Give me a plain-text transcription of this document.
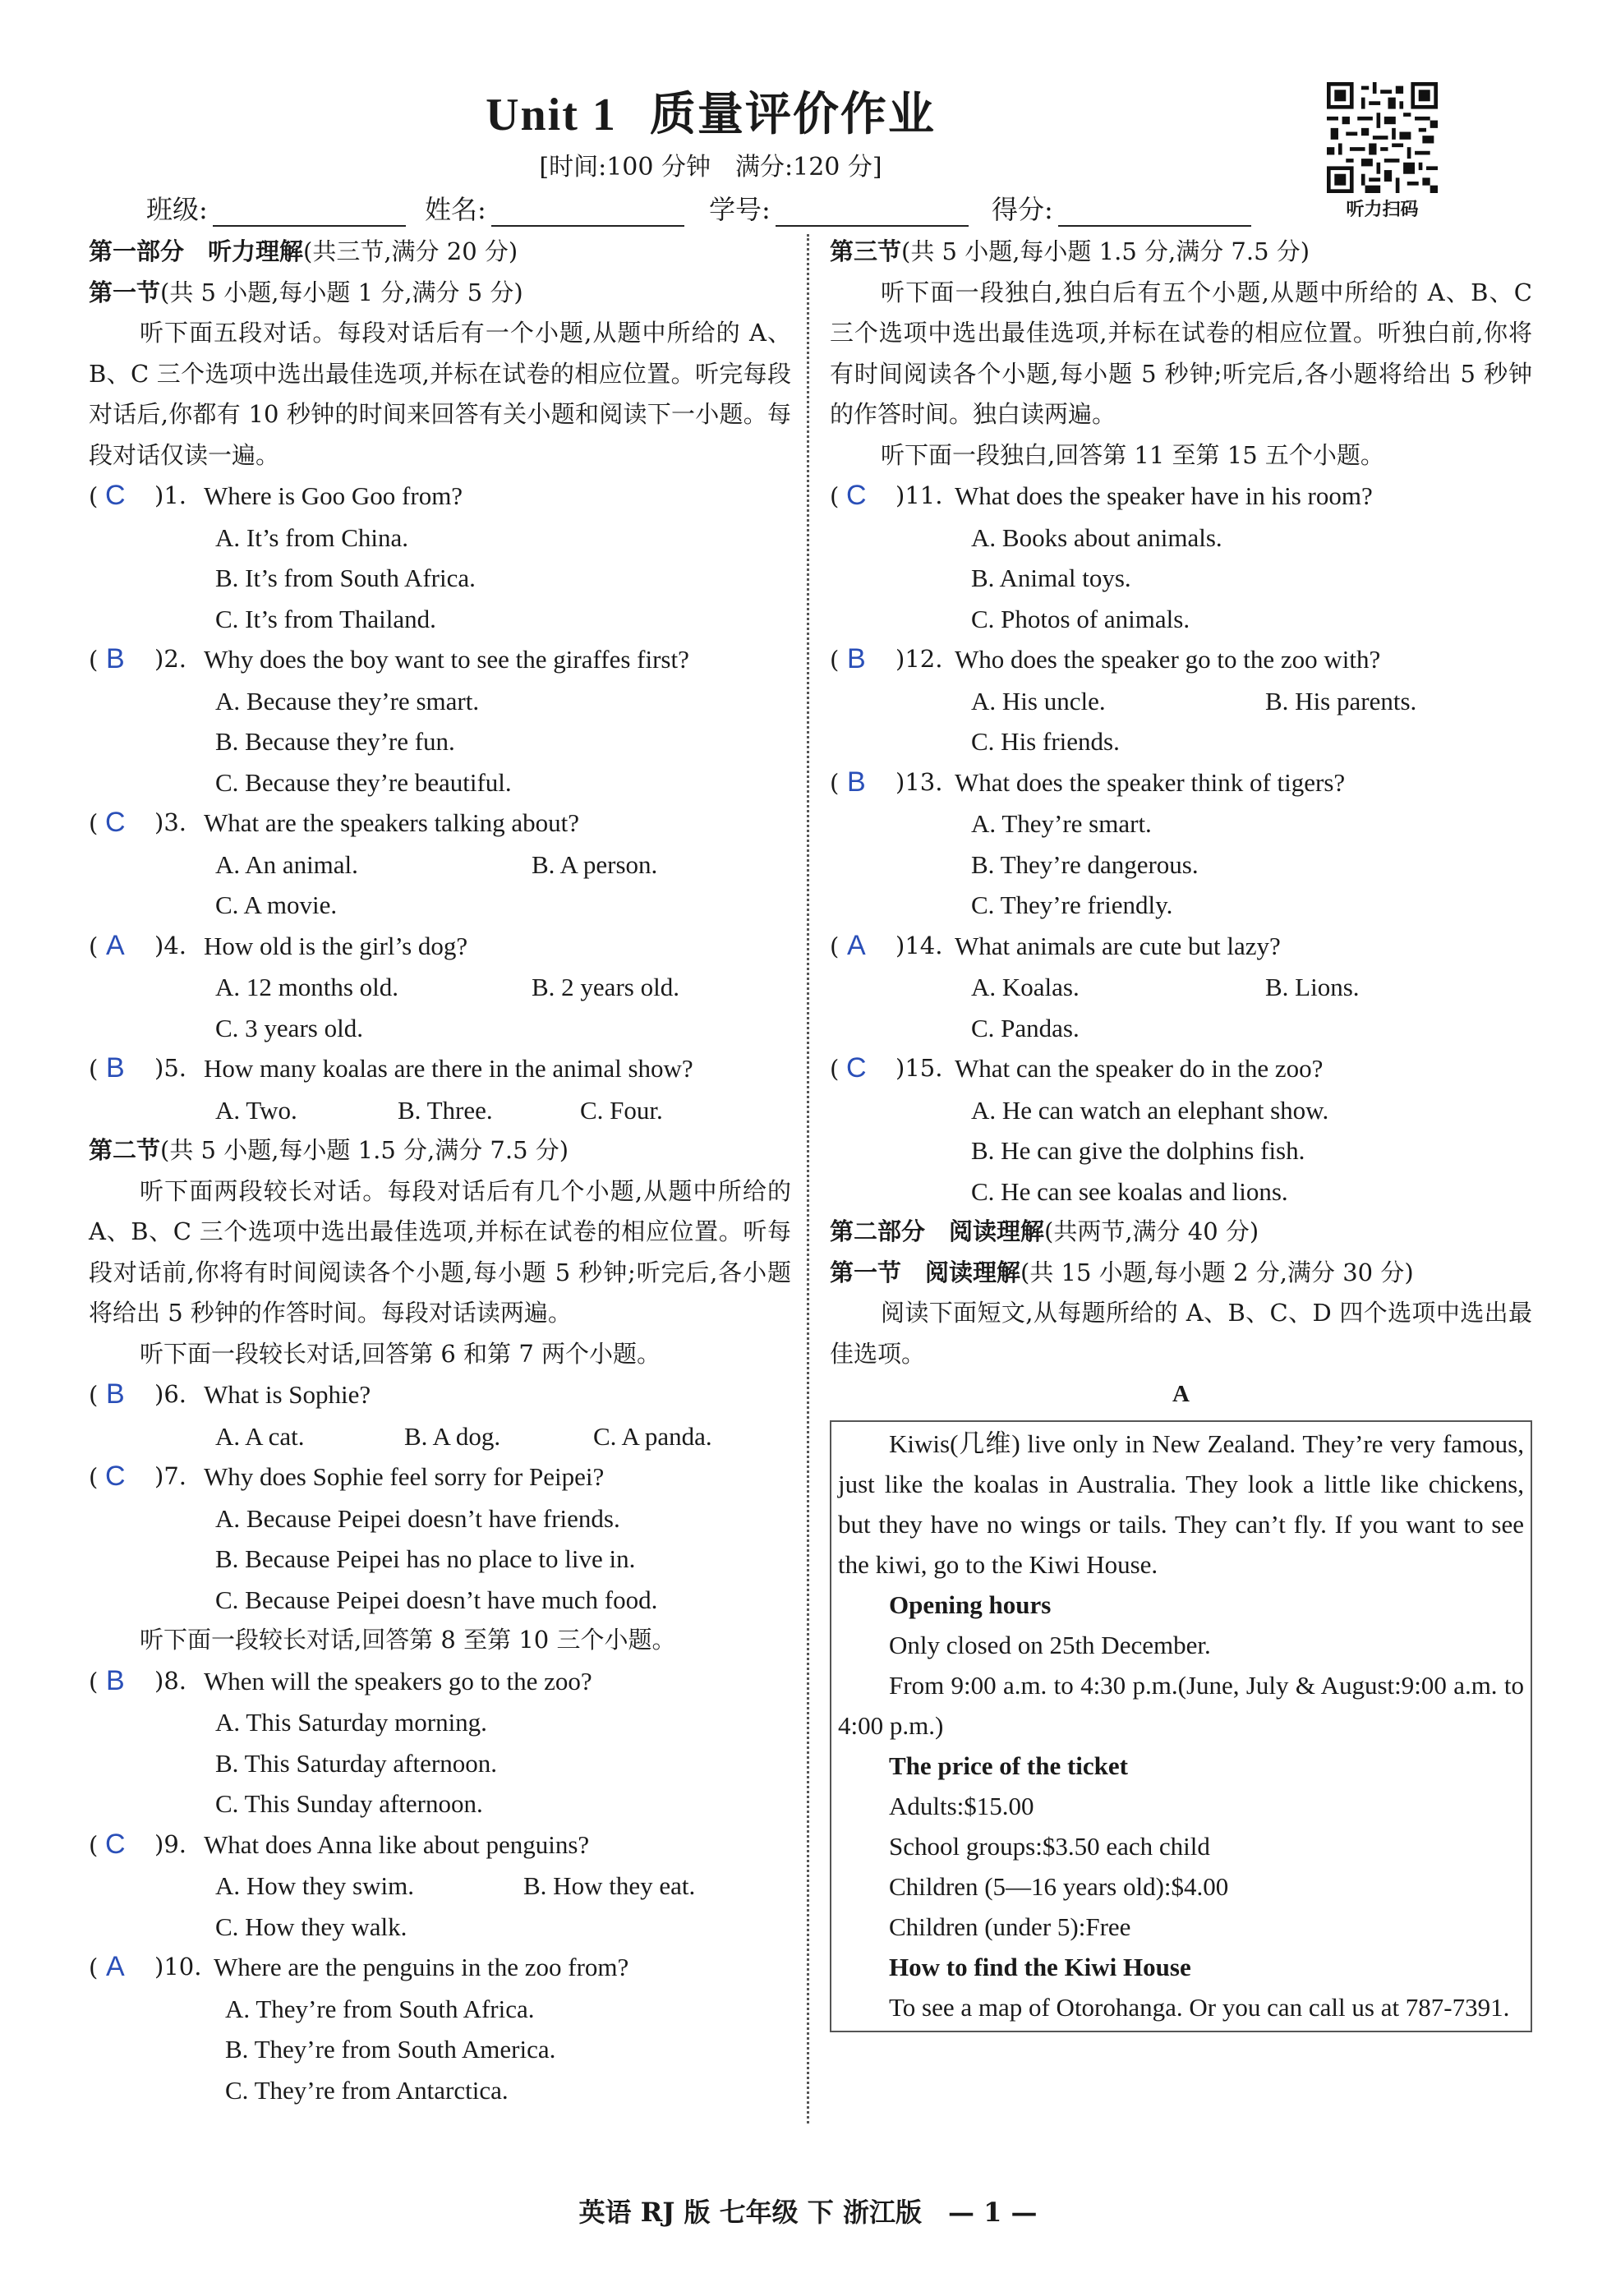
Unit 1 质量评价作业
[时间:100 分钟　满分:120 分]
听力扫码
班级:	姓名:	学号:	得分:
第一部分　听力理解(共三节,满分 20 分)
第一节(共 5 小题,每小题 1 分,满分 5 分)
听下面五段对话。每段对话后有一个小题,从题中所给的 A、B、C 三个选项中选出最佳选项,并标在试卷的相应位置。听完每段对话后,你都有 10 秒钟的时间来回答有关小题和阅读下一小题。每段对话仅读一遍。
( C	)1. Where is Goo Goo from?
A. It’s from China.
B. It’s from South Africa.
C. It’s from Thailand.
( B	)2. Why does the boy want to see the giraffes first?
A. Because they’re smart.
B. Because they’re fun.
C. Because they’re beautiful.
( C	)3. What are the speakers talking about?
A. An animal.	B. A person.
C. A movie.
( A	)4. How old is the girl’s dog?
A. 12 months old.	B. 2 years old.
C. 3 years old.
( B	)5. How many koalas are there in the animal show?
A. Two.	B. Three.	C. Four.
第二节(共 5 小题,每小题 1.5 分,满分 7.5 分)
听下面两段较长对话。每段对话后有几个小题,从题中所给的 A、B、C 三个选项中选出最佳选项,并标在试卷的相应位置。听每段对话前,你将有时间阅读各个小题,每小题 5 秒钟;听完后,各小题将给出 5 秒钟的作答时间。每段对话读两遍。
听下面一段较长对话,回答第 6 和第 7 两个小题。
( B	)6. What is Sophie?
A. A cat.	B. A dog.	C. A panda.
( C	)7. Why does Sophie feel sorry for Peipei?
A. Because Peipei doesn’t have friends.
B. Because Peipei has no place to live in.
C. Because Peipei doesn’t have much food.
听下面一段较长对话,回答第 8 至第 10 三个小题。
( B	)8. When will the speakers go to the zoo?
A. This Saturday morning.
B. This Saturday afternoon.
C. This Sunday afternoon.
( C	)9. What does Anna like about penguins?
A. How they swim.	B. How they eat.
C. How they walk.
( A	)10. Where are the penguins in the zoo from?
A. They’re from South Africa.
B. They’re from South America.
C. They’re from Antarctica.
第三节(共 5 小题,每小题 1.5 分,满分 7.5 分)
听下面一段独白,独白后有五个小题,从题中所给的 A、B、C 三个选项中选出最佳选项,并标在试卷的相应位置。听独白前,你将有时间阅读各个小题,每小题 5 秒钟;听完后,各小题将给出 5 秒钟的作答时间。独白读两遍。
听下面一段独白,回答第 11 至第 15 五个小题。
( C	)11. What does the speaker have in his room?
A. Books about animals.
B. Animal toys.
C. Photos of animals.
( B	)12. Who does the speaker go to the zoo with?
A. His uncle.	B. His parents.
C. His friends.
( B	)13. What does the speaker think of tigers?
A. They’re smart.
B. They’re dangerous.
C. They’re friendly.
( A	)14. What animals are cute but lazy?
A. Koalas.	B. Lions.
C. Pandas.
( C	)15. What can the speaker do in the zoo?
A. He can watch an elephant show.
B. He can give the dolphins fish.
C. He can see koalas and lions.
第二部分　阅读理解(共两节,满分 40 分)
第一节　阅读理解(共 15 小题,每小题 2 分,满分 30 分)
阅读下面短文,从每题所给的 A、B、C、D 四个选项中选出最佳选项。
A
Kiwis(几维) live only in New Zealand. They’re very famous, just like the koalas in Australia. They look a little like chickens, but they have no wings or tails. They can’t fly. If you want to see the kiwi, go to the Kiwi House.
Opening hours
Only closed on 25th December.
From 9:00 a.m. to 4:30 p.m.(June, July & August:9:00 a.m. to 4:00 p.m.)
The price of the ticket
Adults:$15.00
School groups:$3.50 each child
Children (5—16 years old):$4.00
Children (under 5):Free
How to find the Kiwi House
To see a map of Otorohanga. Or you can call us at 787-7391.
英语 RJ 版 七年级 下 浙江版　— 1 —
